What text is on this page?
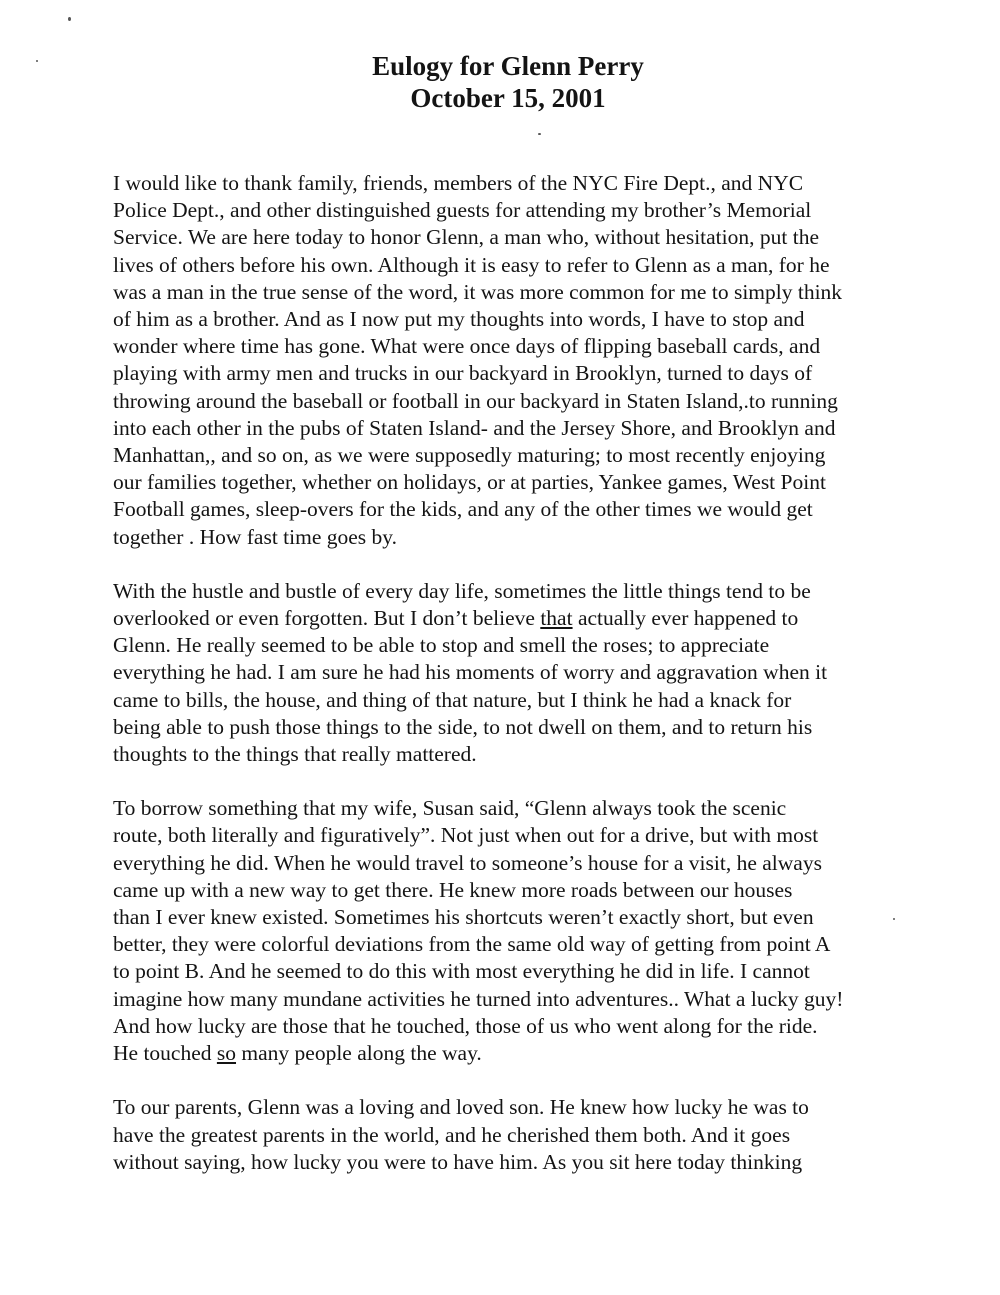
Eulogy for Glenn Perry
October 15, 2001
I would like to thank family, friends, members of the NYC Fire Dept., and NYC
Police Dept., and other distinguished guests for attending my brother’s Memorial
Service. We are here today to honor Glenn, a man who, without hesitation, put the
lives of others before his own. Although it is easy to refer to Glenn as a man, for he
was a man in the true sense of the word, it was more common for me to simply think
of him as a brother. And as I now put my thoughts into words, I have to stop and
wonder where time has gone. What were once days of flipping baseball cards, and
playing with army men and trucks in our backyard in Brooklyn, turned to days of
throwing around the baseball or football in our backyard in Staten Island,.to running
into each other in the pubs of Staten Island- and the Jersey Shore, and Brooklyn and
Manhattan,, and so on, as we were supposedly maturing; to most recently enjoying
our families together, whether on holidays, or at parties, Yankee games, West Point
Football games, sleep-overs for the kids, and any of the other times we would get
together . How fast time goes by.
With the hustle and bustle of every day life, sometimes the little things tend to be
overlooked or even forgotten. But I don’t believe that actually ever happened to
Glenn. He really seemed to be able to stop and smell the roses; to appreciate
everything he had. I am sure he had his moments of worry and aggravation when it
came to bills, the house, and thing of that nature, but I think he had a knack for
being able to push those things to the side, to not dwell on them, and to return his
thoughts to the things that really mattered.
To borrow something that my wife, Susan said, “Glenn always took the scenic
route, both literally and figuratively”. Not just when out for a drive, but with most
everything he did. When he would travel to someone’s house for a visit, he always
came up with a new way to get there. He knew more roads between our houses
than I ever knew existed. Sometimes his shortcuts weren’t exactly short, but even
better, they were colorful deviations from the same old way of getting from point A
to point B. And he seemed to do this with most everything he did in life. I cannot
imagine how many mundane activities he turned into adventures.. What a lucky guy!
And how lucky are those that he touched, those of us who went along for the ride.
He touched so many people along the way.
To our parents, Glenn was a loving and loved son. He knew how lucky he was to
have the greatest parents in the world, and he cherished them both. And it goes
without saying, how lucky you were to have him. As you sit here today thinking
